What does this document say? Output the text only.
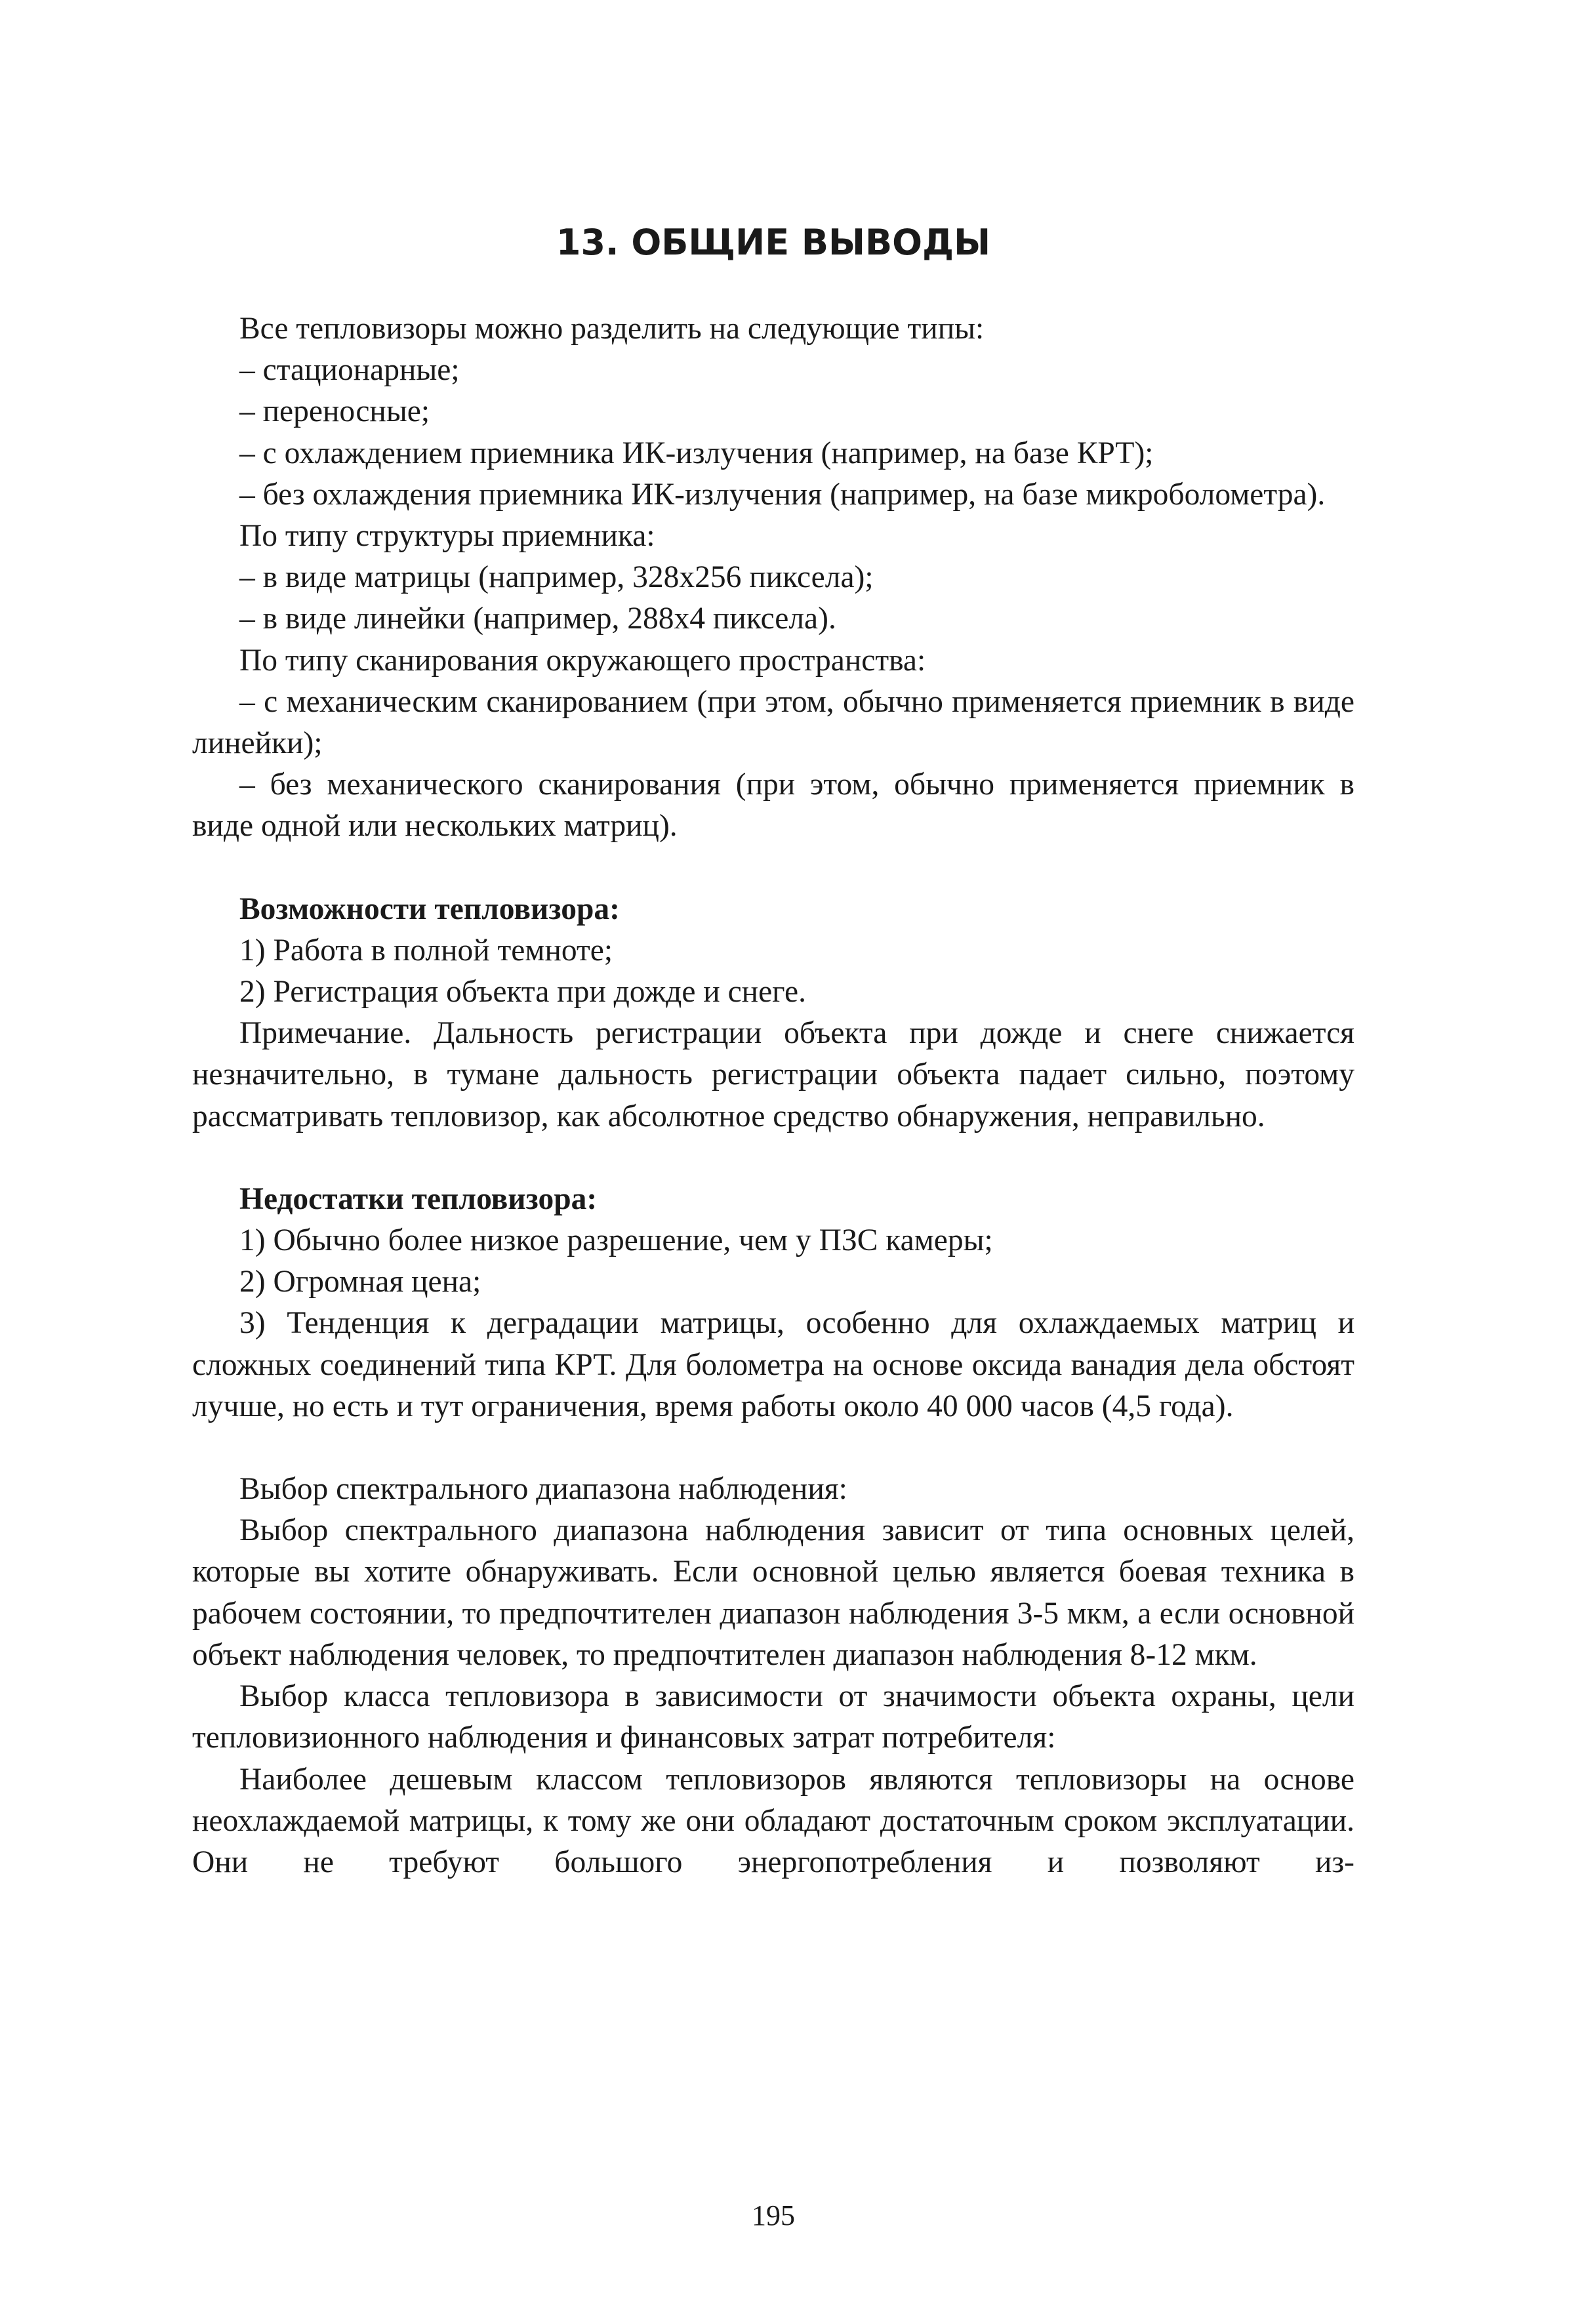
13. ОБЩИЕ ВЫВОДЫ

Все тепловизоры можно разделить на следующие типы:

– стационарные;

– переносные;

– с охлаждением приемника ИК-излучения (например, на базе КРТ);

– без охлаждения приемника ИК-излучения (например, на базе микроболометра).

По типу структуры приемника:

– в виде матрицы (например, 328х256 пиксела);

– в виде линейки (например, 288х4 пиксела).

По типу сканирования окружающего пространства:

– с механическим сканированием (при этом, обычно применяется приемник в виде линейки);

– без механического сканирования (при этом, обычно применяется приемник в виде одной или нескольких матриц).

Возможности тепловизора:

1) Работа в полной темноте;

2) Регистрация объекта при дожде и снеге.

Примечание. Дальность регистрации объекта при дожде и снеге снижается незначительно, в тумане дальность регистрации объекта падает сильно, поэтому рассматривать тепловизор, как абсолютное средство обнаружения, неправильно.

Недостатки тепловизора:

1) Обычно более низкое разрешение, чем у ПЗС камеры;

2) Огромная цена;

3) Тенденция к деградации матрицы, особенно для охлаждаемых матриц и сложных соединений типа КРТ. Для болометра на основе оксида ванадия дела обстоят лучше, но есть и тут ограничения, время работы около 40 000 часов (4,5 года).

Выбор спектрального диапазона наблюдения:

Выбор спектрального диапазона наблюдения зависит от типа основных целей, которые вы хотите обнаруживать. Если основной целью является боевая техника в рабочем состоянии, то предпочтителен диапазон наблюдения 3-5 мкм, а если основной объект наблюдения человек, то предпочтителен диапазон наблюдения 8-12 мкм.

Выбор класса тепловизора в зависимости от значимости объекта охраны, цели тепловизионного наблюдения и финансовых затрат потребителя:

Наиболее дешевым классом тепловизоров являются тепловизоры на основе неохлаждаемой матрицы, к тому же они обладают достаточным сроком эксплуатации. Они не требуют большого энергопотребления и позволяют из-

195
